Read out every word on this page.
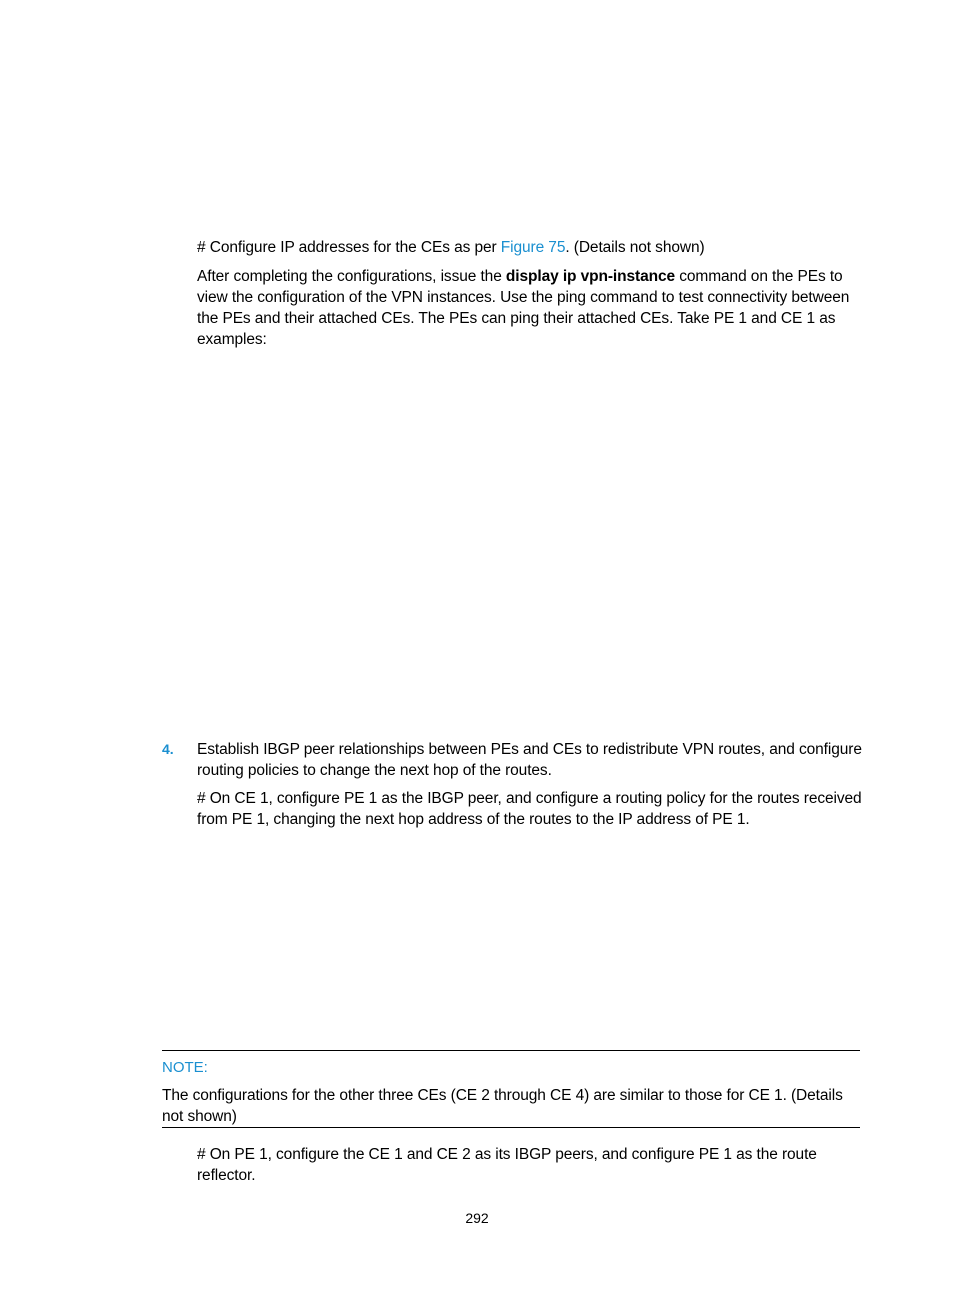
# Configure IP addresses for the CEs as per Figure 75. (Details not shown)

After completing the configurations, issue the display ip vpn-instance command on the PEs to view the configuration of the VPN instances. Use the ping command to test connectivity between the PEs and their attached CEs. The PEs can ping their attached CEs. Take PE 1 and CE 1 as examples:

4. Establish IBGP peer relationships between PEs and CEs to redistribute VPN routes, and configure routing policies to change the next hop of the routes.

# On CE 1, configure PE 1 as the IBGP peer, and configure a routing policy for the routes received from PE 1, changing the next hop address of the routes to the IP address of PE 1.

NOTE:

The configurations for the other three CEs (CE 2 through CE 4) are similar to those for CE 1. (Details not shown)

# On PE 1, configure the CE 1 and CE 2 as its IBGP peers, and configure PE 1 as the route reflector.

292
